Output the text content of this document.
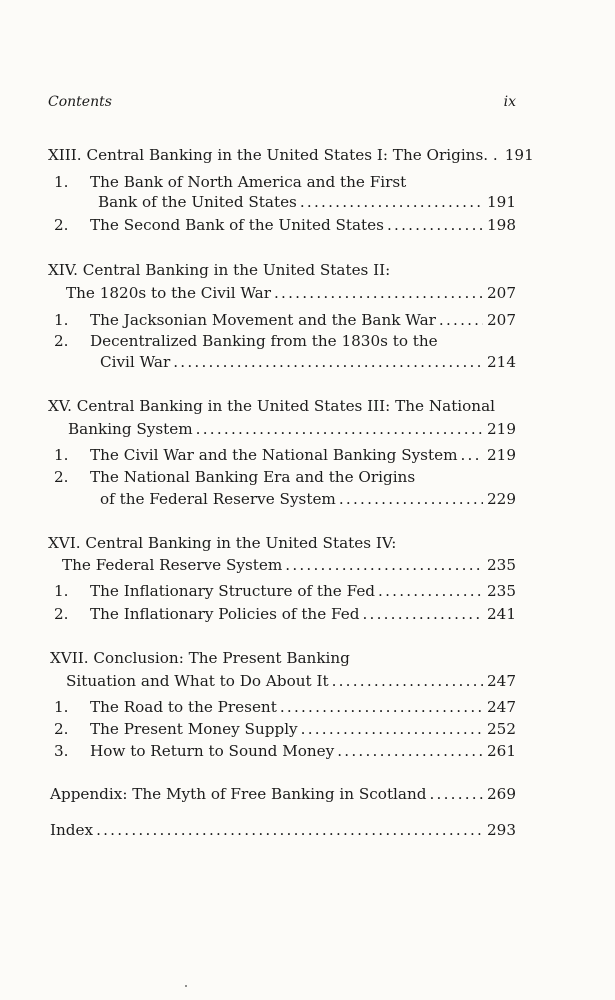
Contents	ix
XIII. Central Banking in the United States I: The Origins. . 191
1.	The Bank of North America and the First
Bank of the United States . . .	191
2.	The Second Bank of the United States . . .	198
XIV. Central Banking in the United States II:
The 1820s to the Civil War . . .	207
1.	The Jacksonian Movement and the Bank War . . .	207
2.	Decentralized Banking from the 1830s to the
Civil War . . .	214
XV. Central Banking in the United States III: The National
Banking System . . .	219
1.	The Civil War and the National Banking System . . . 219
2.	The National Banking Era and the Origins
of the Federal Reserve System . . .	229
XVI. Central Banking in the United States IV:
The Federal Reserve System . . .	235
1.	The Inflationary Structure of the Fed . . .	235
2.	The Inflationary Policies of the Fed . . .	241
XVII. Conclusion: The Present Banking
Situation and What to Do About It . . .	247
1.	The Road to the Present . . .	247
2.	The Present Money Supply . . .	252
3.	How to Return to Sound Money . . .	261
Appendix: The Myth of Free Banking in Scotland . . .	269
Index . . .	293
